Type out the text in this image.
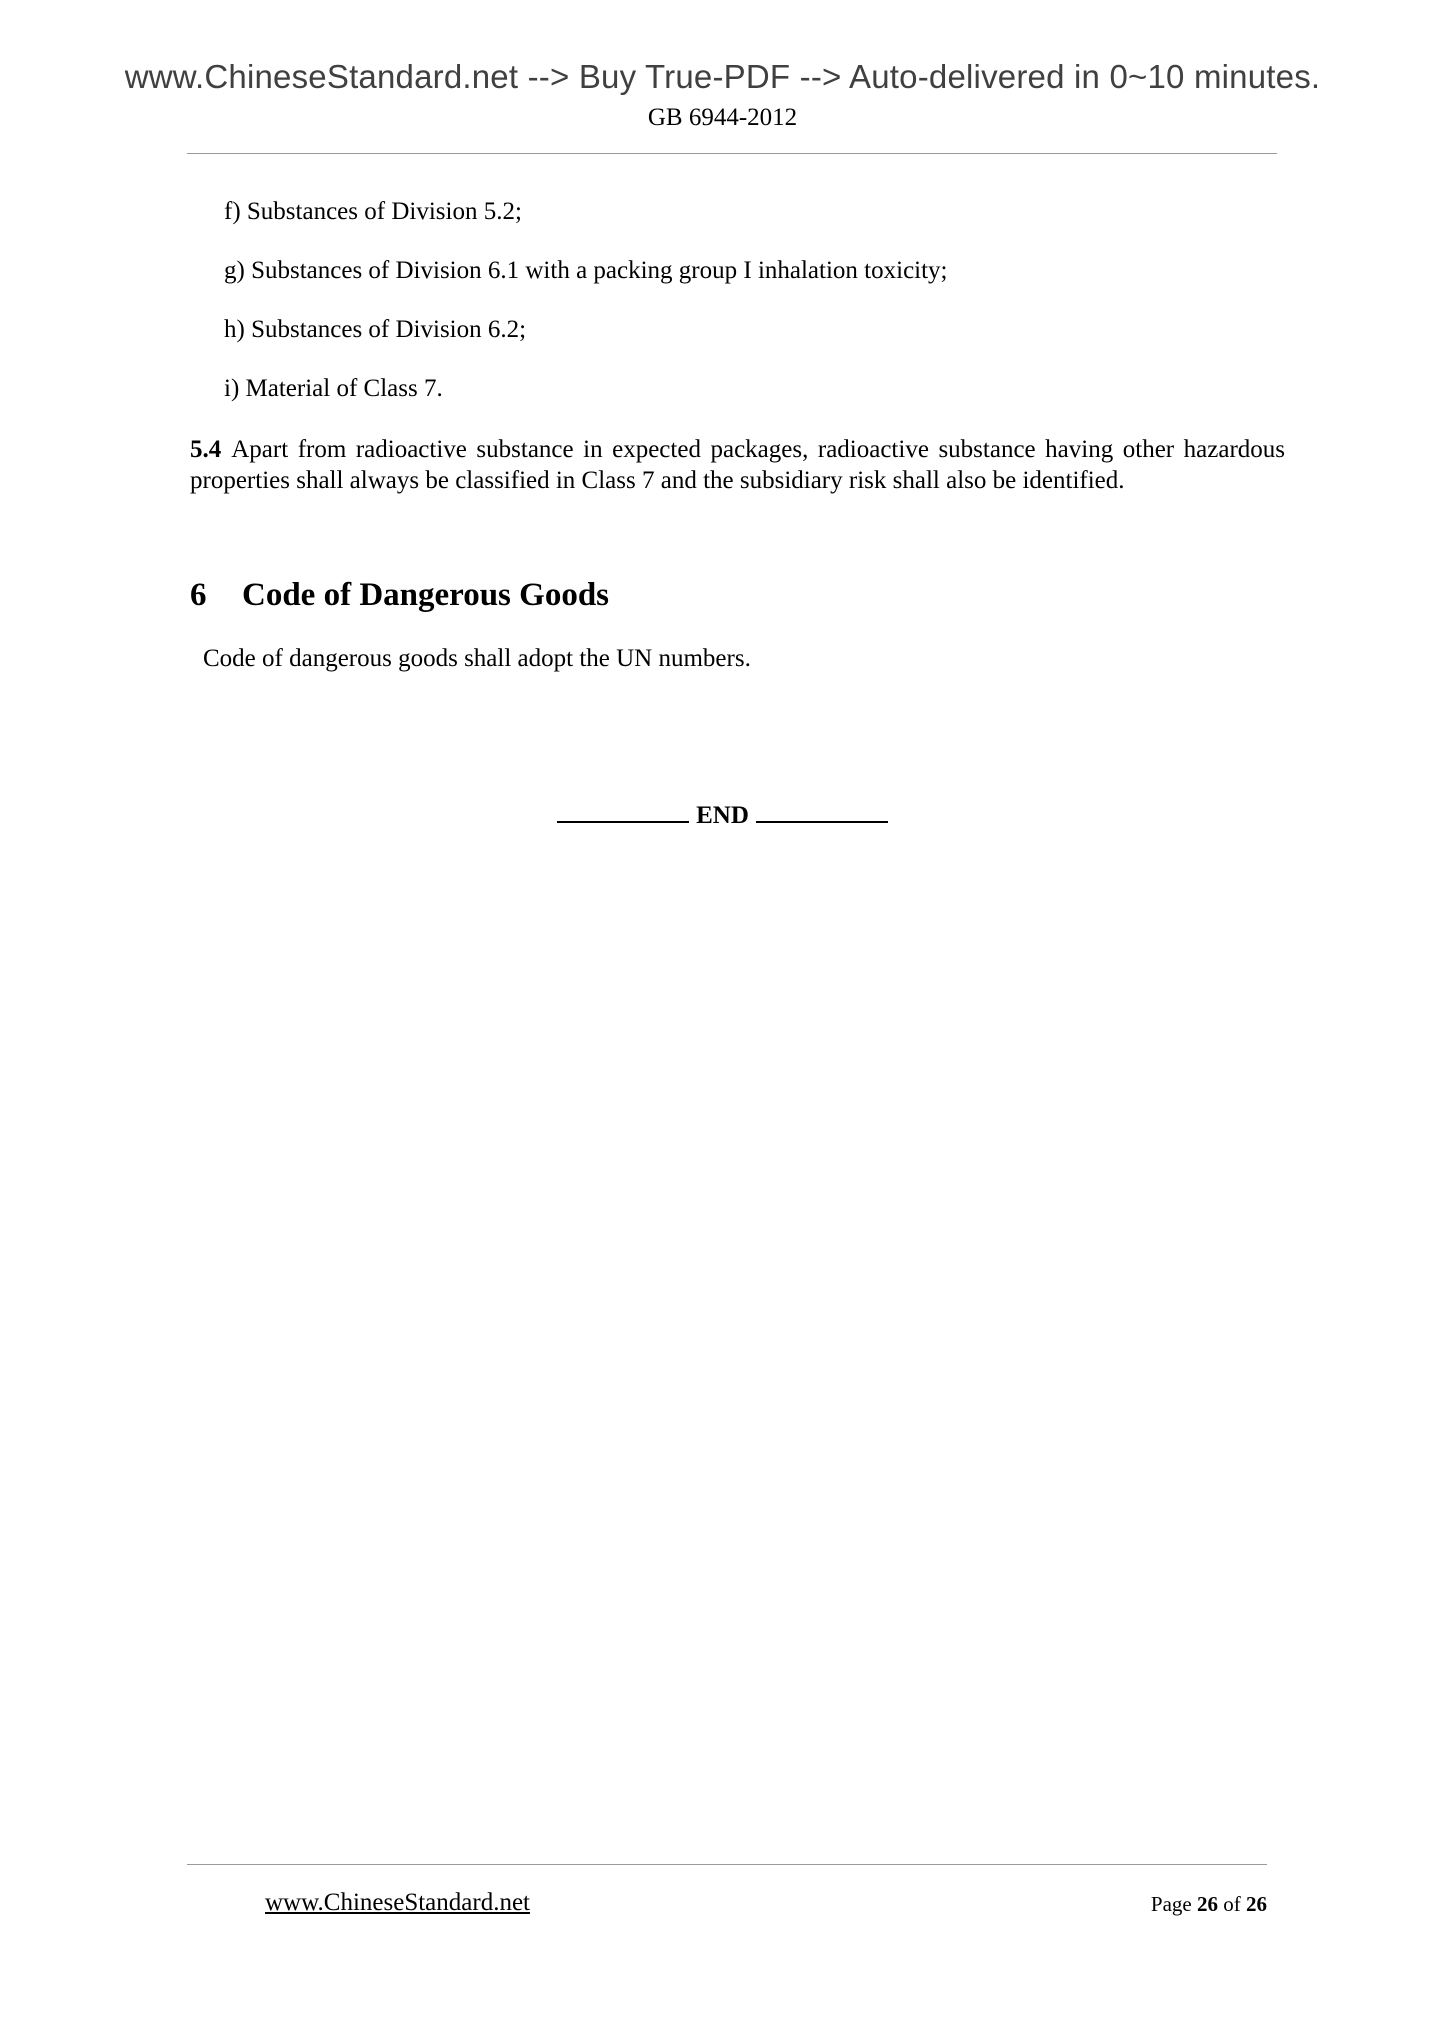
www.ChineseStandard.net --> Buy True-PDF --> Auto-delivered in 0~10 minutes.
GB 6944-2012
f) Substances of Division 5.2;
g) Substances of Division 6.1 with a packing group I inhalation toxicity;
h) Substances of Division 6.2;
i) Material of Class 7.
5.4 Apart from radioactive substance in expected packages, radioactive substance having other hazardous properties shall always be classified in Class 7 and the subsidiary risk shall also be identified.
6 Code of Dangerous Goods
Code of dangerous goods shall adopt the UN numbers.
END
www.ChineseStandard.net	Page 26 of 26
